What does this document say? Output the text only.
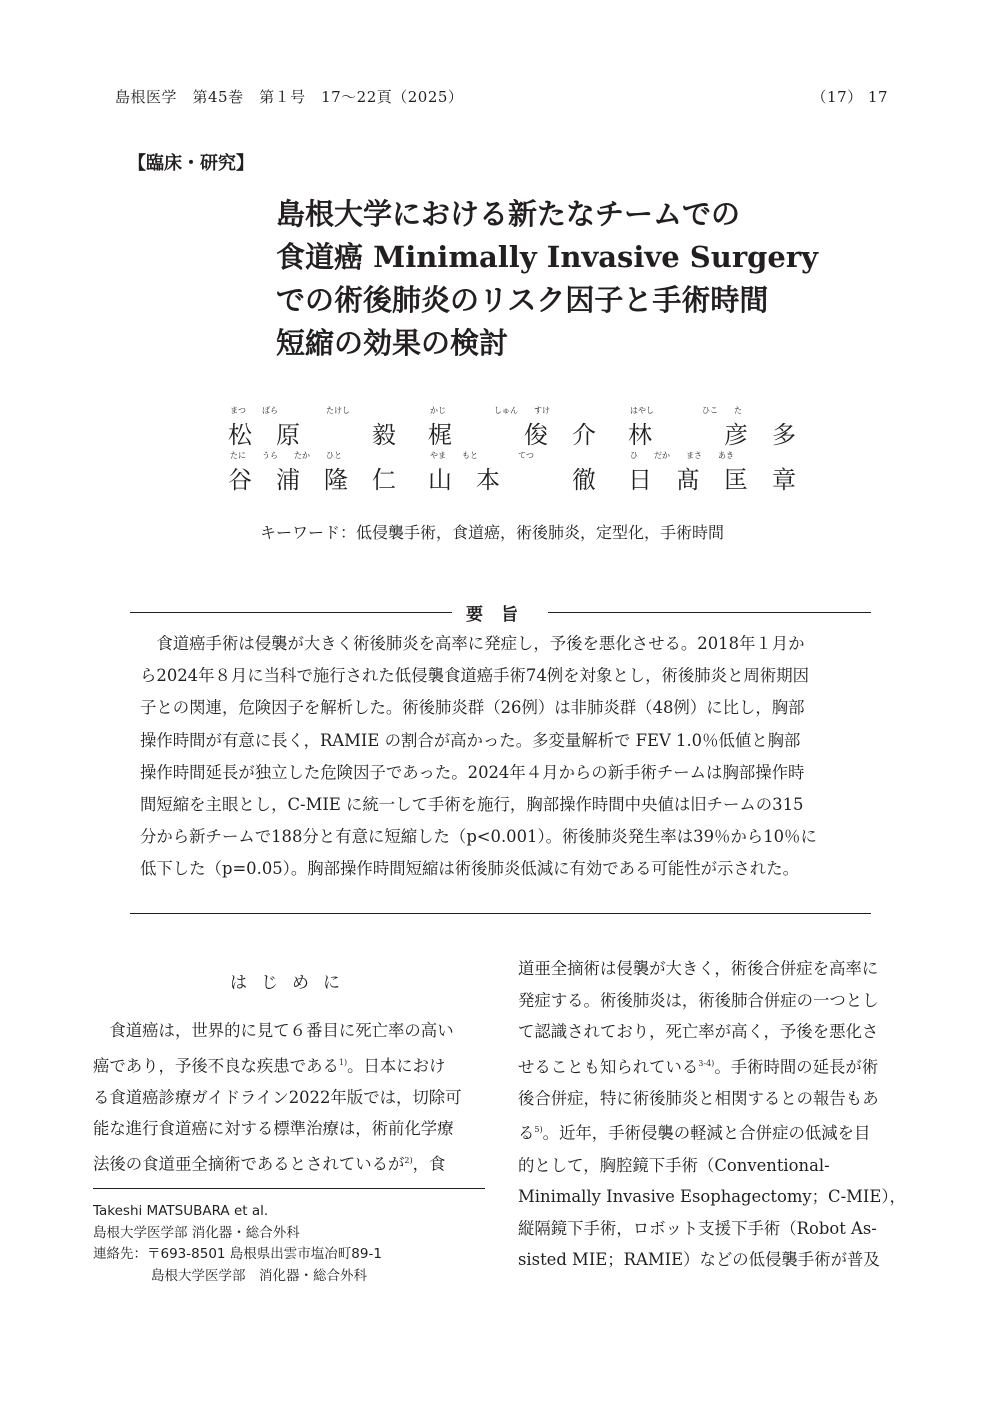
島根医学　第45巻　第１号　17〜22頁（2025）	（17） 17
【臨床・研究】
島根大学における新たなチームでの
食道癌 Minimally Invasive Surgery
での術後肺炎のリスク因子と手術時間
短縮の効果の検討
まつ　　ばら　　　　　　たけし
松　原　　　毅
かじ　　　　　　しゅん　　すけ
梶　　　俊　介
はやし　　　　　　ひこ　　た
林　　　彦　多
たに　　うら　　たか　　ひと
谷　浦　隆　仁
やま　　もと　　　　　てつ
山　本　　　徹
ひ　　だか　　まさ　　あき
日　髙　匡　章
キーワード：低侵襲手術，食道癌，術後肺炎，定型化，手術時間
要旨
　食道癌手術は侵襲が大きく術後肺炎を高率に発症し，予後を悪化させる。2018年１月か
ら2024年８月に当科で施行された低侵襲食道癌手術74例を対象とし，術後肺炎と周術期因
子との関連，危険因子を解析した。術後肺炎群（26例）は非肺炎群（48例）に比し，胸部
操作時間が有意に長く，RAMIE の割合が高かった。多変量解析で FEV 1.0％低値と胸部
操作時間延長が独立した危険因子であった。2024年４月からの新手術チームは胸部操作時
間短縮を主眼とし，C-MIE に統一して手術を施行，胸部操作時間中央値は旧チームの315
分から新チームで188分と有意に短縮した（p<0.001）。術後肺炎発生率は39％から10％に
低下した（p=0.05）。胸部操作時間短縮は術後肺炎低減に有効である可能性が示された。
はじめに
　食道癌は，世界的に見て６番目に死亡率の高い
癌であり，予後不良な疾患である$^{1)}$。日本におけ
る食道癌診療ガイドライン2022年版では，切除可
能な進行食道癌に対する標準治療は，術前化学療
法後の食道亜全摘術であるとされているが$^{2)}$，食
道亜全摘術は侵襲が大きく，術後合併症を高率に
発症する。術後肺炎は，術後肺合併症の一つとし
て認識されており，死亡率が高く，予後を悪化さ
せることも知られている$^{3-4)}$。手術時間の延長が術
後合併症，特に術後肺炎と相関するとの報告もあ
る$^{5)}$。近年，手術侵襲の軽減と合併症の低減を目
的として，胸腔鏡下手術（Conventional-
Minimally Invasive Esophagectomy；C-MIE），
縦隔鏡下手術，ロボット支援下手術（Robot As-
sisted MIE；RAMIE）などの低侵襲手術が普及
Takeshi MATSUBARA et al.
島根大学医学部 消化器・総合外科
連絡先：〒693-8501 島根県出雲市塩冶町89-1
島根大学医学部　消化器・総合外科
